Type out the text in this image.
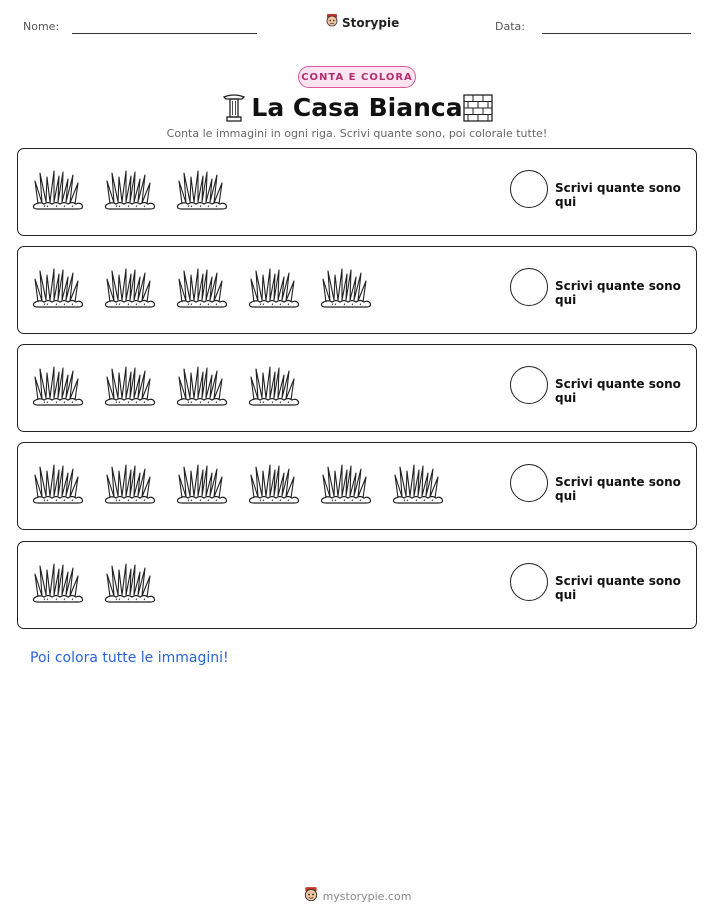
Nome:	Storypie	Data:
CONTA E COLORA
La Casa Bianca
Conta le immagini in ogni riga. Scrivi quante sono, poi colorale tutte!
Scrivi quante sono qui
Scrivi quante sono qui
Scrivi quante sono qui
Scrivi quante sono qui
Scrivi quante sono qui
Poi colora tutte le immagini!
mystorypie.com
